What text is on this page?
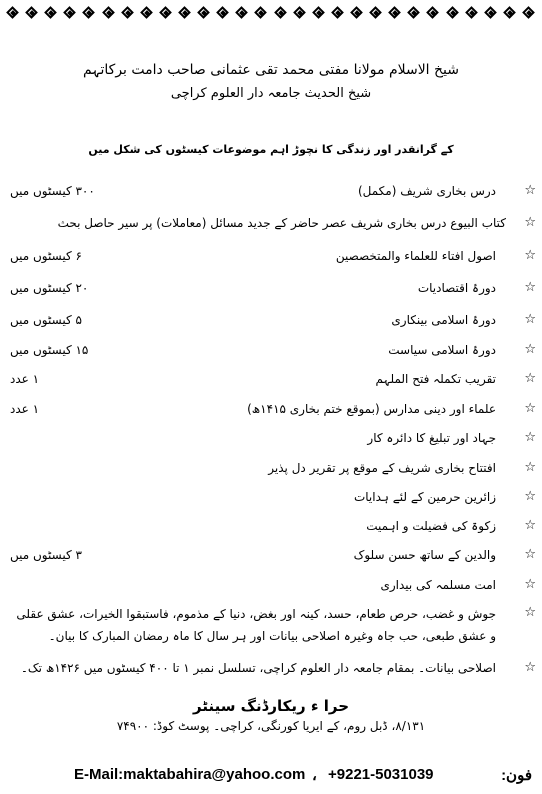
شیخ الاسلام مولانا مفتی محمد تقی عثمانی صاحب دامت برکاتہم
شیخ الحدیث جامعہ دار العلوم کراچی
کے گرانقدر اور زندگی کا نچوڑ اہم موضوعات کیسٹوں کی شکل میں
☆
درس بخاری شریف (مکمل)
۳۰۰ کیسٹوں میں
☆
کتاب البیوع درس بخاری شریف عصر حاضر کے جدید مسائل (معاملات) پر سیر حاصل بحث
☆
اصول افتاء للعلماء والمتخصصین
۶ کیسٹوں میں
☆
دورۂ اقتصادیات
۲۰ کیسٹوں میں
☆
دورۂ اسلامی بینکاری
۵ کیسٹوں میں
☆
دورۂ اسلامی سیاست
۱۵ کیسٹوں میں
☆
تقریب تکملہ فتح الملہم
۱ عدد
☆
علماء اور دینی مدارس (بموقع ختم بخاری ۱۴۱۵ھ)
۱ عدد
☆
جہاد اور تبلیغ کا دائرہ کار
☆
افتتاح بخاری شریف کے موقع پر تقریر دل پذیر
☆
زائرین حرمین کے لئے ہدایات
☆
زکوۃ کی فضیلت و اہمیت
☆
والدین کے ساتھ حسن سلوک
۳ کیسٹوں میں
☆
امت مسلمہ کی بیداری
☆
جوش و غضب، حرص طعام، حسد، کینہ اور بغض، دنیا کے مذموم، فاستبقوا الخیرات، عشق عقلی و عشق طبعی، حب جاہ وغیرہ اصلاحی بیانات اور ہر سال کا ماہ رمضان المبارک کا بیان۔
☆
اصلاحی بیانات۔ بمقام جامعہ دار العلوم کراچی، تسلسل نمبر ۱ تا ۴۰۰ کیسٹوں میں ۱۴۲۶ھ تک۔
حرا ء ریکارڈنگ سینٹر
۸/۱۳۱، ڈبل روم، کے ایریا کورنگی، کراچی۔ پوسٹ کوڈ: ۷۴۹۰۰
E-Mail:maktabahira@yahoo.com ، +9221-5031039	فون:
